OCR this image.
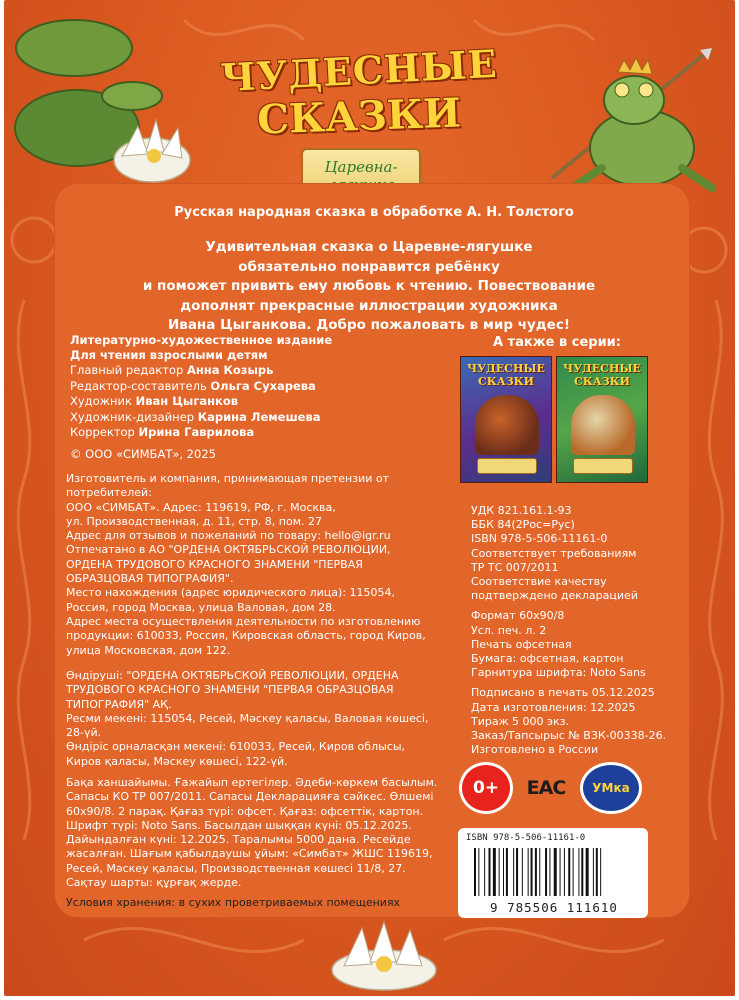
ЧУДЕСНЫЕ
СКАЗКИ
Царевна-
Русская народная сказка в обработке А. Н. Толстого
Удивительная сказка о Царевне-лягушке
обязательно понравится ребёнку
и поможет привить ему любовь к чтению. Повествование
дополнят прекрасные иллюстрации художника
Ивана Цыганкова. Добро пожаловать в мир чудес!
Литературно-художественное издание
Для чтения взрослыми детям
Главный редактор Анна Козырь
Редактор-составитель Ольга Сухарева
Художник Иван Цыганков
Художник-дизайнер Карина Лемешева
Корректор Ирина Гаврилова
© ООО «СИМБАТ», 2025
Изготовитель и компания, принимающая претензии от
потребителей:
ООО «СИМБАТ». Адрес: 119619, РФ, г. Москва,
ул. Производственная, д. 11, стр. 8, пом. 27
Адрес для отзывов и пожеланий по товару: hello@igr.ru
Отпечатано в АО "ОРДЕНА ОКТЯБРЬСКОЙ РЕВОЛЮЦИИ,
ОРДЕНА ТРУДОВОГО КРАСНОГО ЗНАМЕНИ "ПЕРВАЯ
ОБРАЗЦОВАЯ ТИПОГРАФИЯ".
Место нахождения (адрес юридического лица): 115054,
Россия, город Москва, улица Валовая, дом 28.
Адрес места осуществления деятельности по изготовлению
продукции: 610033, Россия, Кировская область, город Киров,
улица Московская, дом 122.
Өндіруші: "ОРДЕНА ОКТЯБРЬСКОЙ РЕВОЛЮЦИИ, ОРДЕНА
ТРУДОВОГО КРАСНОГО ЗНАМЕНИ "ПЕРВАЯ ОБРАЗЦОВАЯ
ТИПОГРАФИЯ" АҚ.
Ресми мекені: 115054, Ресей, Мәскеу қаласы, Валовая көшесі,
28-үй.
Өндіріс орналасқан мекені: 610033, Ресей, Киров облысы,
Киров қаласы, Мәскеу көшесі, 122-үй.
Бақа ханшайымы. Ғажайып ертегілер. Әдеби-көркем басылым.
Сапасы КО ТР 007/2011. Сапасы Декларацияға сәйкес. Өлшемі
60х90/8. 2 парақ. Қағаз түрі: офсет. Қағаз: офсеттік, картон.
Шрифт түрі: Noto Sans. Басылдан шыққан күні: 05.12.2025.
Дайындалған күні: 12.2025. Таралымы 5000 дана. Ресейде
жасалған. Шағым қабылдаушы ұйым: «Симбат» ЖШС 119619,
Ресей, Мәскеу қаласы, Производственная көшесі 11/8, 27.
Сақтау шарты: құрғақ жерде.
Условия хранения: в сухих проветриваемых помещениях
А также в серии:
ЧУДЕСНЫЕ
СКАЗКИ
ЧУДЕСНЫЕ
СКАЗКИ
УДК 821.161.1-93
ББК 84(2Рос=Рус)
ISBN 978-5-506-11161-0
Соответствует требованиям
ТР ТС 007/2011
Соответствие качеству
подтверждено декларацией
Формат 60х90/8
Усл. печ. л. 2
Печать офсетная
Бумага: офсетная, картон
Гарнитура шрифта: Noto Sans
Подписано в печать 05.12.2025
Дата изготовления: 12.2025
Тираж 5 000 экз.
Заказ/Тапсырыс № ВЗК-00338-26.
Изготовлено в России
0+	ЕАС	УМка
ISBN 978-5-506-11161-0
9 785506 111610
